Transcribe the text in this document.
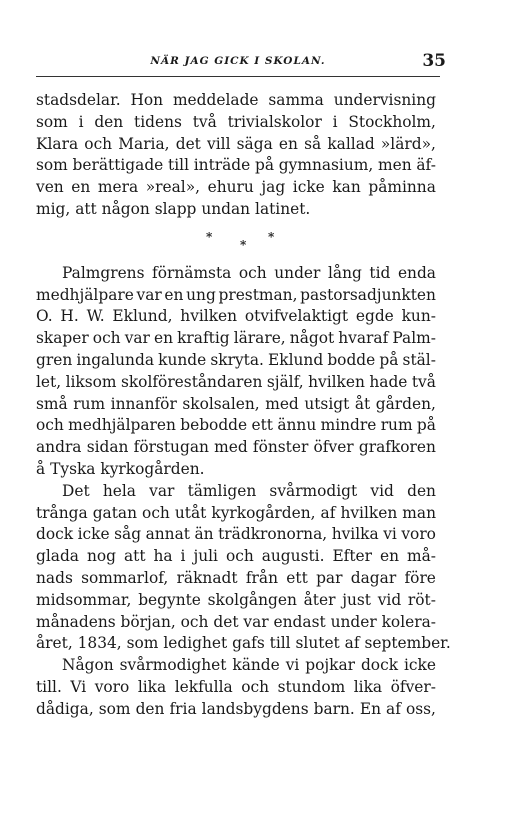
NÄR JAG GICK I SKOLAN.	35
stadsdelar. Hon meddelade samma undervisning
som i den tidens två trivialskolor i Stockholm,
Klara och Maria, det vill säga en så kallad »lärd»,
som berättigade till inträde på gymnasium, men äf-
ven en mera »real», ehuru jag icke kan påminna
mig, att någon slapp undan latinet.
*
*
*
Palmgrens förnämsta och under lång tid enda
medhjälpare var en ung prestman, pastorsadjunkten
O. H. W. Eklund, hvilken otvifvelaktigt egde kun-
skaper och var en kraftig lärare, något hvaraf Palm-
gren ingalunda kunde skryta. Eklund bodde på stäl-
let, liksom skolföreståndaren själf, hvilken hade två
små rum innanför skolsalen, med utsigt åt gården,
och medhjälparen bebodde ett ännu mindre rum på
andra sidan förstugan med fönster öfver grafkoren
å Tyska kyrkogården.
Det hela var tämligen svårmodigt vid den
trånga gatan och utåt kyrkogården, af hvilken man
dock icke såg annat än trädkronorna, hvilka vi voro
glada nog att ha i juli och augusti. Efter en må-
nads sommarlof, räknadt från ett par dagar före
midsommar, begynte skolgången åter just vid röt-
månadens början, och det var endast under kolera-
året, 1834, som ledighet gafs till slutet af september.
Någon svårmodighet kände vi pojkar dock icke
till. Vi voro lika lekfulla och stundom lika öfver-
dådiga, som den fria landsbygdens barn. En af oss,
